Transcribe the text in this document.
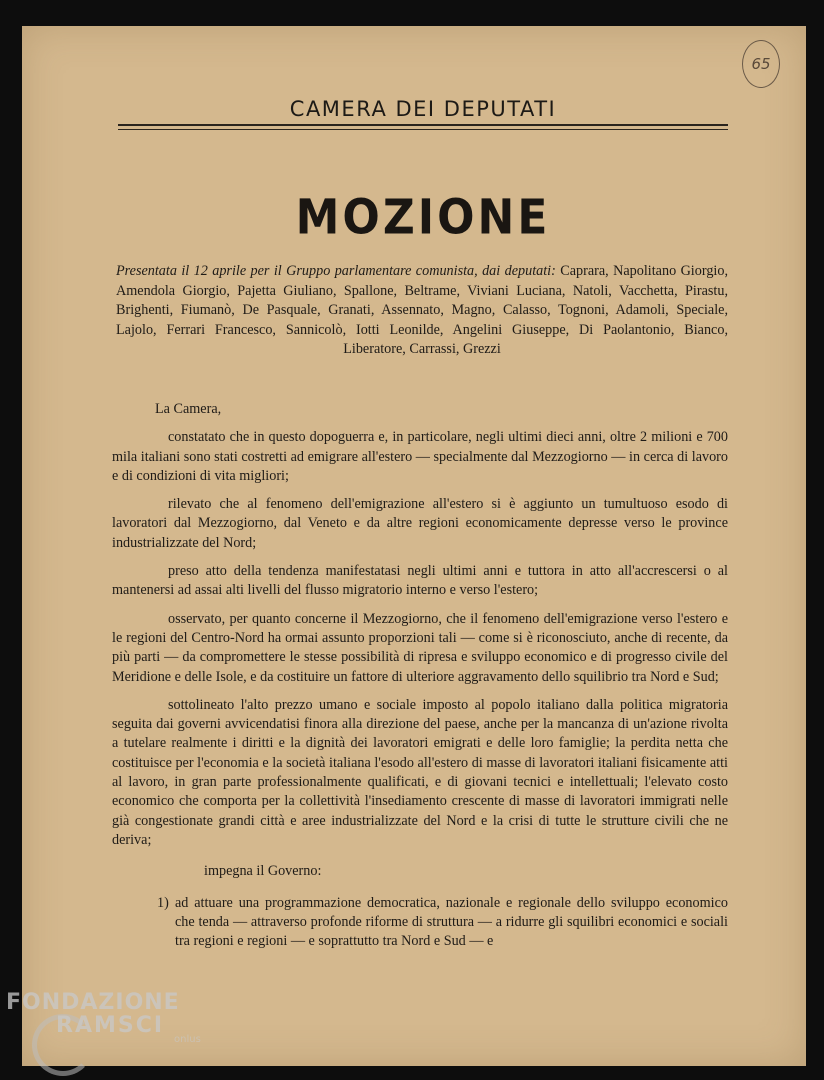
65
CAMERA DEI DEPUTATI
MOZIONE
Presentata il 12 aprile per il Gruppo parlamentare comunista, dai deputati: Caprara, Napolitano Giorgio, Amendola Giorgio, Pajetta Giuliano, Spallone, Beltrame, Viviani Luciana, Natoli, Vacchetta, Pirastu, Brighenti, Fiumanò, De Pasquale, Granati, Assennato, Magno, Calasso, Tognoni, Adamoli, Speciale, Lajolo, Ferrari Francesco, Sannicolò, Iotti Leonilde, Angelini Giuseppe, Di Paolantonio, Bianco, Liberatore, Carrassi, Grezzi

La Camera,

constatato che in questo dopoguerra e, in particolare, negli ultimi dieci anni, oltre 2 milioni e 700 mila italiani sono stati costretti ad emigrare all'estero — specialmente dal Mezzogiorno — in cerca di lavoro e di condizioni di vita migliori;

rilevato che al fenomeno dell'emigrazione all'estero si è aggiunto un tumultuoso esodo di lavoratori dal Mezzogiorno, dal Veneto e da altre regioni economicamente depresse verso le province industrializzate del Nord;

preso atto della tendenza manifestatasi negli ultimi anni e tuttora in atto all'accrescersi o al mantenersi ad assai alti livelli del flusso migratorio interno e verso l'estero;

osservato, per quanto concerne il Mezzogiorno, che il fenomeno dell'emigrazione verso l'estero e le regioni del Centro-Nord ha ormai assunto proporzioni tali — come si è riconosciuto, anche di recente, da più parti — da compromettere le stesse possibilità di ripresa e sviluppo economico e di progresso civile del Meridione e delle Isole, e da costituire un fattore di ulteriore aggravamento dello squilibrio tra Nord e Sud;

sottolineato l'alto prezzo umano e sociale imposto al popolo italiano dalla politica migratoria seguita dai governi avvicendatisi finora alla direzione del paese, anche per la mancanza di un'azione rivolta a tutelare realmente i diritti e la dignità dei lavoratori emigrati e delle loro famiglie; la perdita netta che costituisce per l'economia e la società italiana l'esodo all'estero di masse di lavoratori italiani fisicamente atti al lavoro, in gran parte professionalmente qualificati, e di giovani tecnici e intellettuali; l'elevato costo economico che comporta per la collettività l'insediamento crescente di masse di lavoratori immigrati nelle già congestionate grandi città e aree industrializzate del Nord e la crisi di tutte le strutture civili che ne deriva;

impegna il Governo:

1) ad attuare una programmazione democratica, nazionale e regionale dello sviluppo economico che tenda — attraverso profonde riforme di struttura — a ridurre gli squilibri economici e sociali tra regioni e regioni — e soprattutto tra Nord e Sud — e
FONDAZIONE
RAMSCI
onlus
